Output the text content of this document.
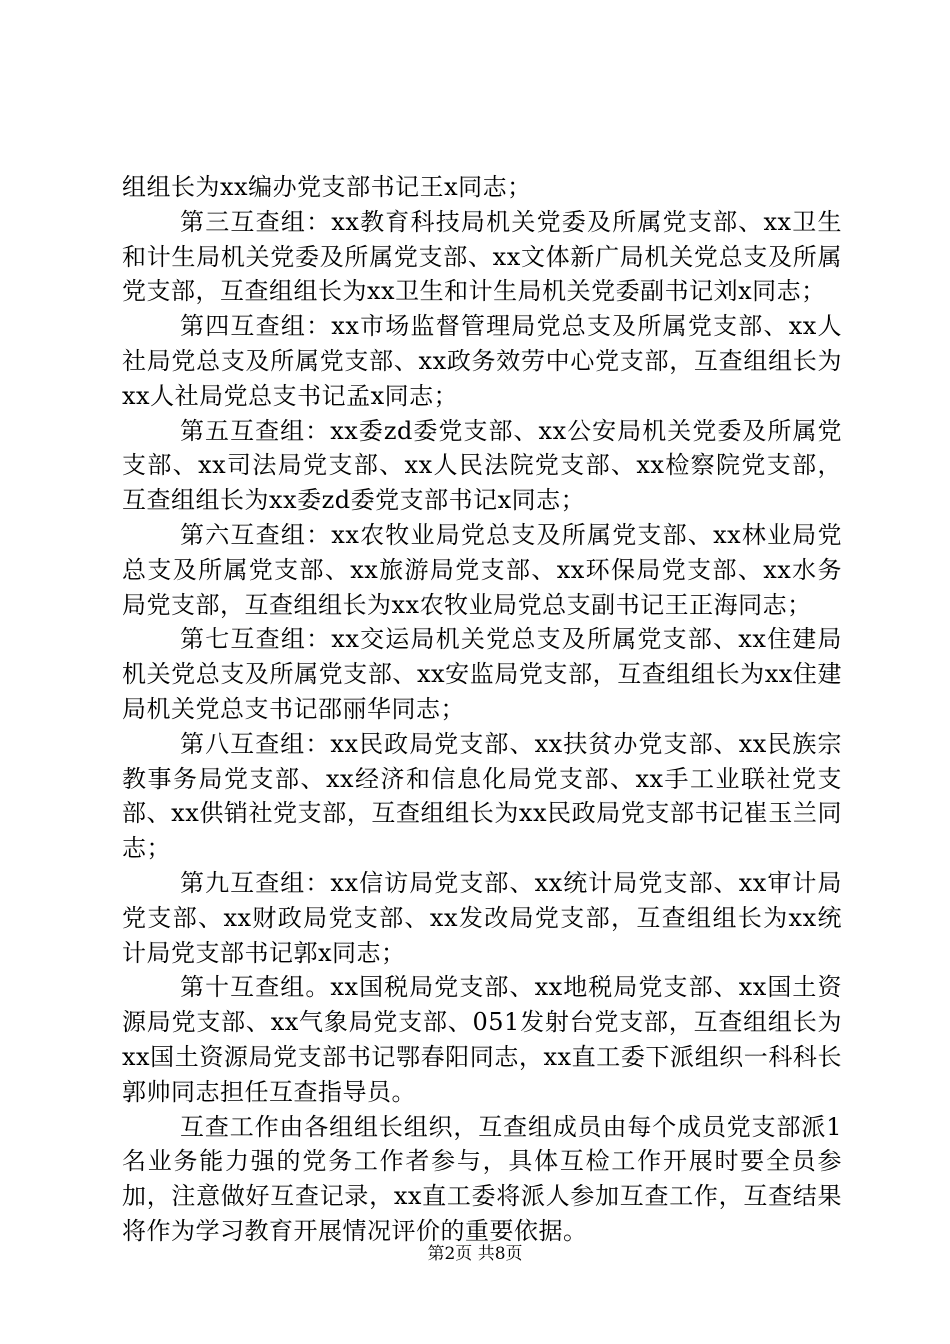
组组长为xx编办党支部书记王x同志；

第三互查组：xx教育科技局机关党委及所属党支部、xx卫生和计生局机关党委及所属党支部、xx文体新广局机关党总支及所属党支部，互查组组长为xx卫生和计生局机关党委副书记刘x同志；

第四互查组：xx市场监督管理局党总支及所属党支部、xx人社局党总支及所属党支部、xx政务效劳中心党支部，互查组组长为xx人社局党总支书记孟x同志；

第五互查组：xx委zd委党支部、xx公安局机关党委及所属党支部、xx司法局党支部、xx人民法院党支部、xx检察院党支部，互查组组长为xx委zd委党支部书记x同志；

第六互查组：xx农牧业局党总支及所属党支部、xx林业局党总支及所属党支部、xx旅游局党支部、xx环保局党支部、xx水务局党支部，互查组组长为xx农牧业局党总支副书记王正海同志；

第七互查组：xx交运局机关党总支及所属党支部、xx住建局机关党总支及所属党支部、xx安监局党支部，互查组组长为xx住建局机关党总支书记邵丽华同志；

第八互查组：xx民政局党支部、xx扶贫办党支部、xx民族宗教事务局党支部、xx经济和信息化局党支部、xx手工业联社党支部、xx供销社党支部，互查组组长为xx民政局党支部书记崔玉兰同志；

第九互查组：xx信访局党支部、xx统计局党支部、xx审计局党支部、xx财政局党支部、xx发改局党支部，互查组组长为xx统计局党支部书记郭x同志；

第十互查组。xx国税局党支部、xx地税局党支部、xx国土资源局党支部、xx气象局党支部、051发射台党支部，互查组组长为xx国土资源局党支部书记鄂春阳同志，xx直工委下派组织一科科长郭帅同志担任互查指导员。

互查工作由各组组长组织，互查组成员由每个成员党支部派1名业务能力强的党务工作者参与，具体互检工作开展时要全员参加，注意做好互查记录，xx直工委将派人参加互查工作，互查结果将作为学习教育开展情况评价的重要依据。

第2页 共8页
